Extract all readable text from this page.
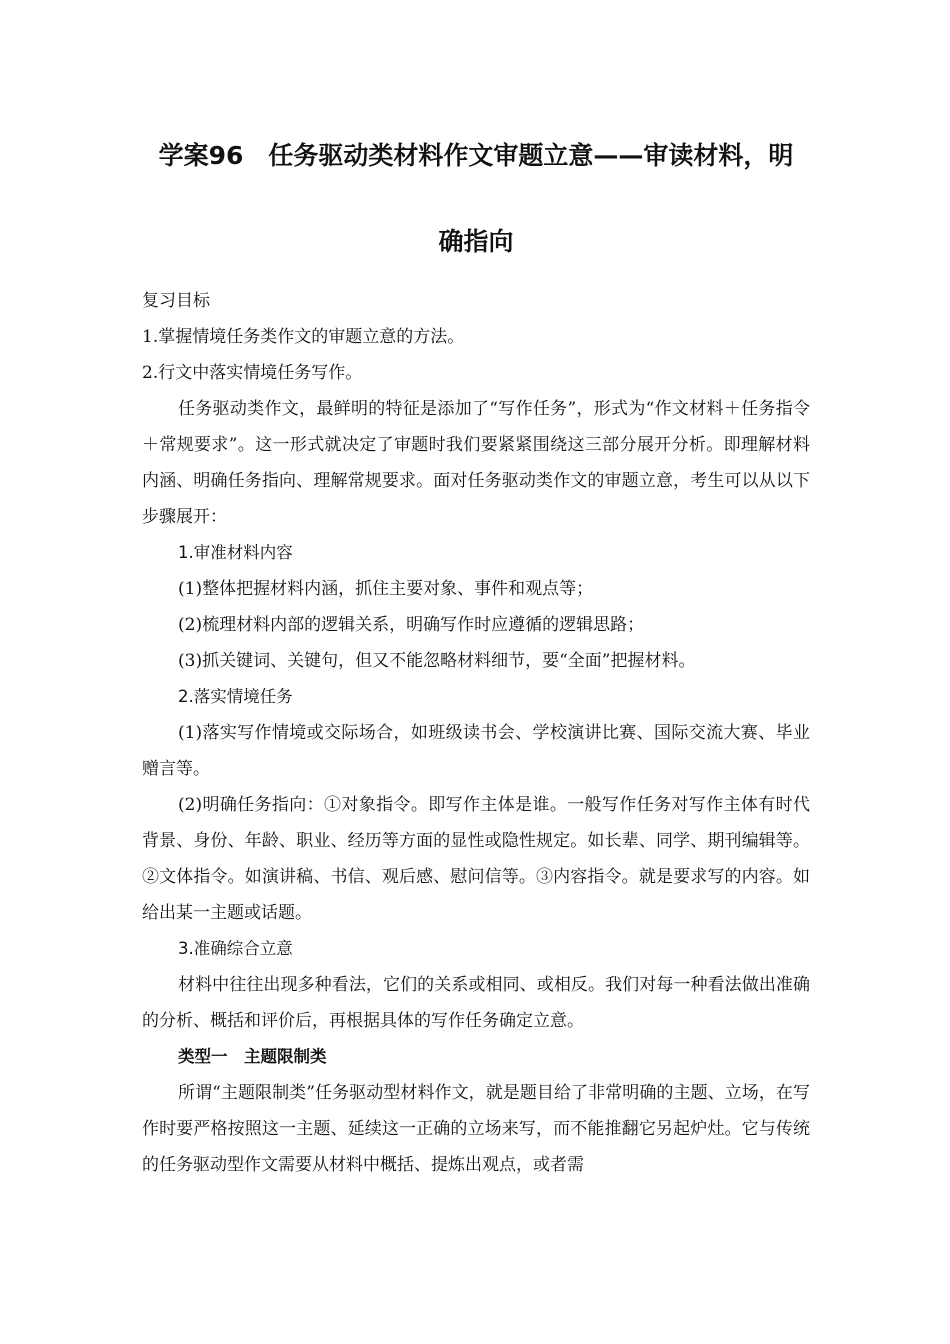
学案96　任务驱动类材料作文审题立意——审读材料，明
确指向

复习目标

1.掌握情境任务类作文的审题立意的方法。

2.行文中落实情境任务写作。

任务驱动类作文，最鲜明的特征是添加了“写作任务”，形式为“作文材料＋任务指令＋常规要求”。这一形式就决定了审题时我们要紧紧围绕这三部分展开分析。即理解材料内涵、明确任务指向、理解常规要求。面对任务驱动类作文的审题立意，考生可以从以下步骤展开：

1.审准材料内容

(1)整体把握材料内涵，抓住主要对象、事件和观点等；

(2)梳理材料内部的逻辑关系，明确写作时应遵循的逻辑思路；

(3)抓关键词、关键句，但又不能忽略材料细节，要“全面”把握材料。

2.落实情境任务

(1)落实写作情境或交际场合，如班级读书会、学校演讲比赛、国际交流大赛、毕业赠言等。

(2)明确任务指向：①对象指令。即写作主体是谁。一般写作任务对写作主体有时代背景、身份、年龄、职业、经历等方面的显性或隐性规定。如长辈、同学、期刊编辑等。②文体指令。如演讲稿、书信、观后感、慰问信等。③内容指令。就是要求写的内容。如给出某一主题或话题。

3.准确综合立意

材料中往往出现多种看法，它们的关系或相同、或相反。我们对每一种看法做出准确的分析、概括和评价后，再根据具体的写作任务确定立意。

类型一　主题限制类

所谓“主题限制类”任务驱动型材料作文，就是题目给了非常明确的主题、立场，在写作时要严格按照这一主题、延续这一正确的立场来写，而不能推翻它另起炉灶。它与传统的任务驱动型作文需要从材料中概括、提炼出观点，或者需
